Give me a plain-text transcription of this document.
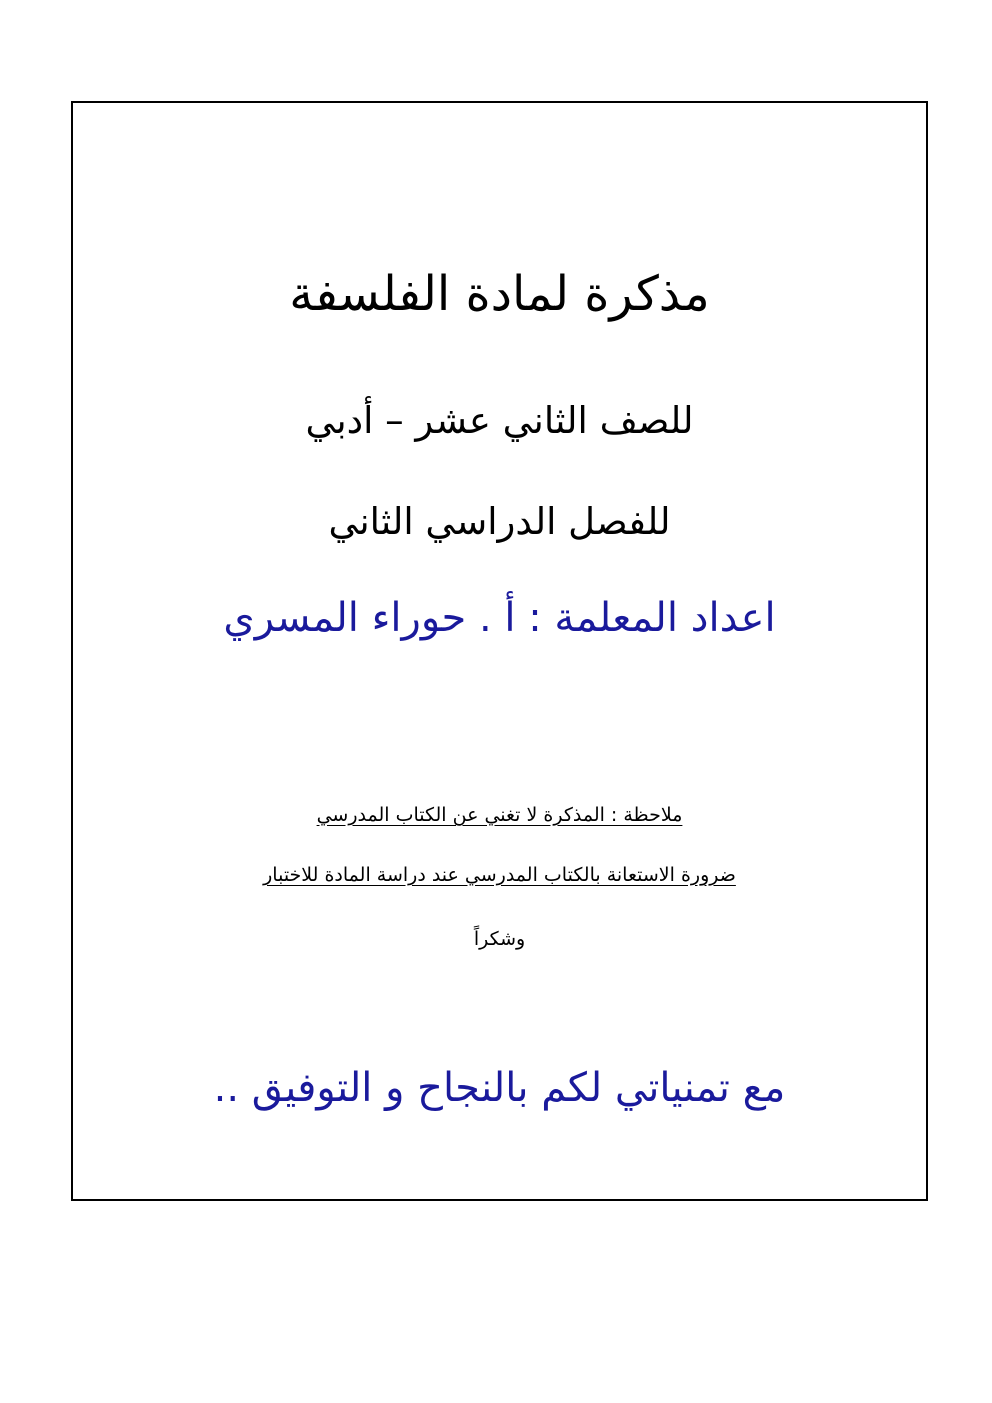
مذكرة لمادة الفلسفة
للصف الثاني عشر – أدبي
للفصل الدراسي الثاني
اعداد المعلمة : أ . حوراء المسري
ملاحظة : المذكرة لا تغني عن الكتاب المدرسي
ضرورة الاستعانة بالكتاب المدرسي عند دراسة المادة للاختبار
وشكراً
مع تمنياتي لكم بالنجاح و التوفيق ..
